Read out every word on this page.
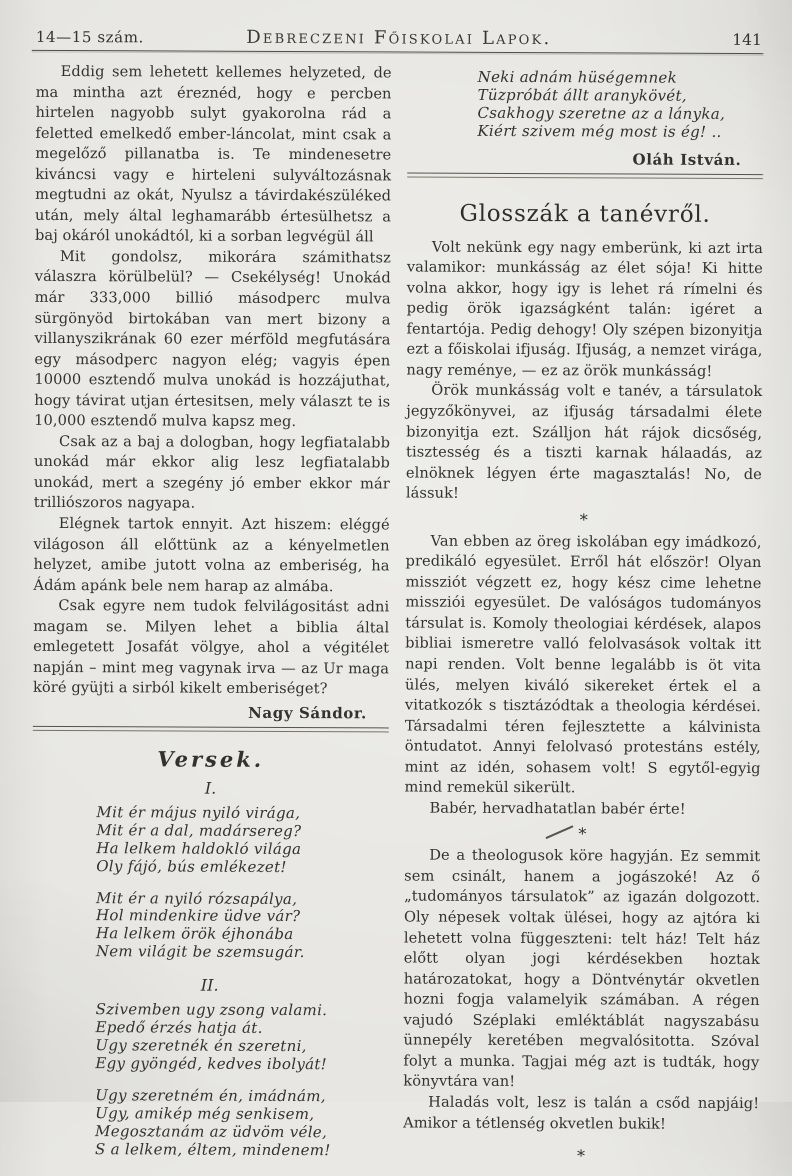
14—15 szám.	Debreczeni Főiskolai Lapok.	141

Eddig sem lehetett kellemes helyzeted, de ma mintha azt éreznéd, hogy e percben hirtelen nagyobb sulyt gyakorolna rád a feletted emelkedő ember-láncolat, mint csak a megelőző pillanatba is. Te mindenesetre kiváncsi vagy e hirteleni sulyváltozásnak megtudni az okát, Nyulsz a távirdakészüléked után, mely által leghamarább értesülhetsz a baj okáról unokádtól, ki a sorban legvégül áll

Mit gondolsz, mikorára számithatsz válaszra körülbelül? — Csekélység! Unokád már 333,000 billió másodperc mulva sürgönyöd birtokában van mert bizony a villanyszikrának 60 ezer mérföld megfutására egy másodperc nagyon elég; vagyis épen 10000 esztendő mulva unokád is hozzájuthat, hogy távirat utjan értesitsen, mely választ te is 10,000 esztendő mulva kapsz meg.

Csak az a baj a dologban, hogy legfiatalabb unokád már ekkor alig lesz legfiatalabb unokád, mert a szegény jó ember ekkor már trilliószoros nagyapa.

Elégnek tartok ennyit. Azt hiszem: eléggé világoson áll előttünk az a kényelmetlen helyzet, amibe jutott volna az emberiség, ha Ádám apánk bele nem harap az almába.

Csak egyre nem tudok felvilágositást adni magam se. Milyen lehet a biblia által emlegetett Josafát völgye, ahol a végitélet napján – mint meg vagynak irva — az Ur maga köré gyüjti a sirból kikelt emberiséget?

Nagy Sándor.
Versek.
I.
Mit ér május nyiló virága,
Mit ér a dal, madársereg?
Ha lelkem haldokló világa
Oly fájó, bús emlékezet!
Mit ér a nyiló rózsapálya,
Hol mindenkire üdve vár?
Ha lelkem örök éjhonába
Nem világit be szemsugár.
II.
Szivemben ugy zsong valami.
Epedő érzés hatja át.
Ugy szeretnék én szeretni,
Egy gyöngéd, kedves ibolyát!
Ugy szeretném én, imádnám,
Ugy, amikép még senkisem,
Megosztanám az üdvöm véle,
S a lelkem, éltem, mindenem!
Neki adnám hüségemnek
Tüzpróbát állt aranykövét,
Csakhogy szeretne az a lányka,
Kiért szivem még most is ég! ..
Oláh István.
Glosszák a tanévről.

Volt nekünk egy nagy emberünk, ki azt irta valamikor: munkásság az élet sója! Ki hitte volna akkor, hogy igy is lehet rá rímelni és pedig örök igazságként talán: igéret a fentartója. Pedig dehogy! Oly szépen bizonyitja ezt a főiskolai ifjuság. Ifjuság, a nemzet virága, nagy reménye, — ez az örök munkásság!

Örök munkásság volt e tanév, a társulatok jegyzőkönyvei, az ifjuság társadalmi élete bizonyitja ezt. Szálljon hát rájok dicsőség, tisztesség és a tiszti karnak hálaadás, az elnöknek légyen érte magasztalás! No, de lássuk!

*

Van ebben az öreg iskolában egy imádkozó, predikáló egyesület. Erről hát először! Olyan missziót végzett ez, hogy kész cime lehetne missziói egyesület. De valóságos tudományos társulat is. Komoly theologiai kérdések, alapos bibliai ismeretre valló felolvasások voltak itt napi renden. Volt benne legalább is öt vita ülés, melyen kiváló sikereket értek el a vitatkozók s tisztázódtak a theologia kérdései. Társadalmi téren fejlesztette a kálvinista öntudatot. Annyi felolvasó protestáns estély, mint az idén, sohasem volt! S egytől-egyig mind remekül sikerült.

Babér, hervadhatatlan babér érte!

*

De a theologusok köre hagyján. Ez semmit sem csinált, hanem a jogászoké! Az ő „tudományos társulatok” az igazán dolgozott. Oly népesek voltak ülései, hogy az ajtóra ki lehetett volna függeszteni: telt ház! Telt ház előtt olyan jogi kérdésekben hoztak határozatokat, hogy a Döntvénytár okvetlen hozni fogja valamelyik számában. A régen vajudó Széplaki emléktáblát nagyszabásu ünnepély keretében megvalósitotta. Szóval folyt a munka. Tagjai még azt is tudták, hogy könyvtára van!

Haladás volt, lesz is talán a csőd napjáig! Amikor a tétlenség okvetlen bukik!

*
